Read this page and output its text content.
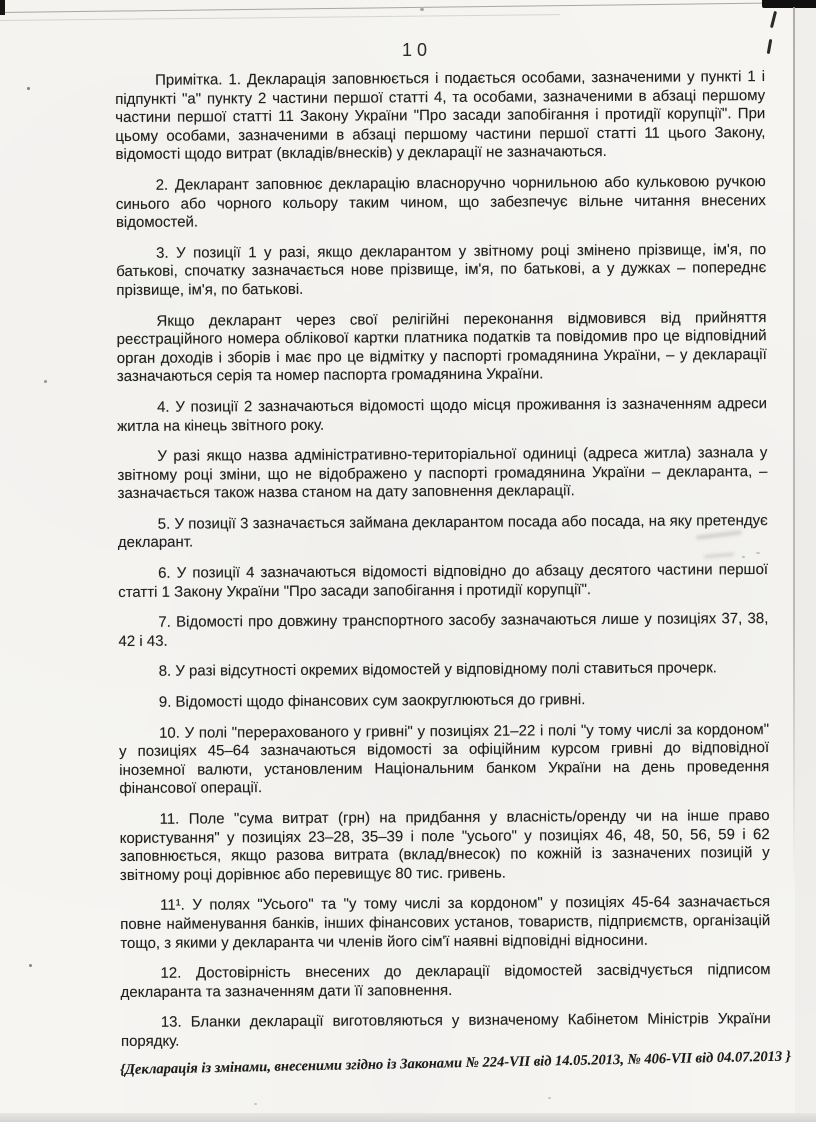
10

Примітка. 1. Декларація заповнюється і подається особами, зазначеними у пункті 1 і підпункті "а" пункту 2 частини першої статті 4, та особами, зазначеними в абзаці першому частини першої статті 11 Закону України "Про засади запобігання і протидії корупції". При цьому особами, зазначеними в абзаці першому частини першої статті 11 цього Закону, відомості щодо витрат (вкладів/внесків) у декларації не зазначаються.

2. Декларант заповнює декларацію власноручно чорнильною або кульковою ручкою синього або чорного кольору таким чином, що забезпечує вільне читання внесених відомостей.

3. У позиції 1 у разі, якщо декларантом у звітному році змінено прізвище, ім'я, по батькові, спочатку зазначається нове прізвище, ім'я, по батькові, а у дужках – попереднє прізвище, ім'я, по батькові.

Якщо декларант через свої релігійні переконання відмовився від прийняття реєстраційного номера облікової картки платника податків та повідомив про це відповідний орган доходів і зборів і має про це відмітку у паспорті громадянина України, – у декларації зазначаються серія та номер паспорта громадянина України.

4. У позиції 2 зазначаються відомості щодо місця проживання із зазначенням адреси житла на кінець звітного року.

У разі якщо назва адміністративно-територіальної одиниці (адреса житла) зазнала у звітному році зміни, що не відображено у паспорті громадянина України – декларанта, – зазначається також назва станом на дату заповнення декларації.

5. У позиції 3 зазначається займана декларантом посада або посада, на яку претендує декларант.

6. У позиції 4 зазначаються відомості відповідно до абзацу десятого частини першої статті 1 Закону України "Про засади запобігання і протидії корупції".

7. Відомості про довжину транспортного засобу зазначаються лише у позиціях 37, 38, 42 і 43.

8. У разі відсутності окремих відомостей у відповідному полі ставиться прочерк.

9. Відомості щодо фінансових сум заокруглюються до гривні.

10. У полі "перерахованого у гривні" у позиціях 21–22 і полі "у тому числі за кордоном" у позиціях 45–64 зазначаються відомості за офіційним курсом гривні до відповідної іноземної валюти, установленим Національним банком України на день проведення фінансової операції.

11. Поле "сума витрат (грн) на придбання у власність/оренду чи на інше право користування" у позиціях 23–28, 35–39 і поле "усього" у позиціях 46, 48, 50, 56, 59 і 62 заповнюється, якщо разова витрата (вклад/внесок) по кожній із зазначених позицій у звітному році дорівнює або перевищує 80 тис. гривень.

11¹. У полях "Усього" та "у тому числі за кордоном" у позиціях 45-64 зазначається повне найменування банків, інших фінансових установ, товариств, підприємств, організацій тощо, з якими у декларанта чи членів його сім'ї наявні відповідні відносини.

12. Достовірність внесених до декларації відомостей засвідчується підписом декларанта та зазначенням дати її заповнення.

13. Бланки декларації виготовляються у визначеному Кабінетом Міністрів України порядку.

{Декларація із змінами, внесеними згідно із Законами № 224-VII від 14.05.2013, № 406-VII від 04.07.2013 }
